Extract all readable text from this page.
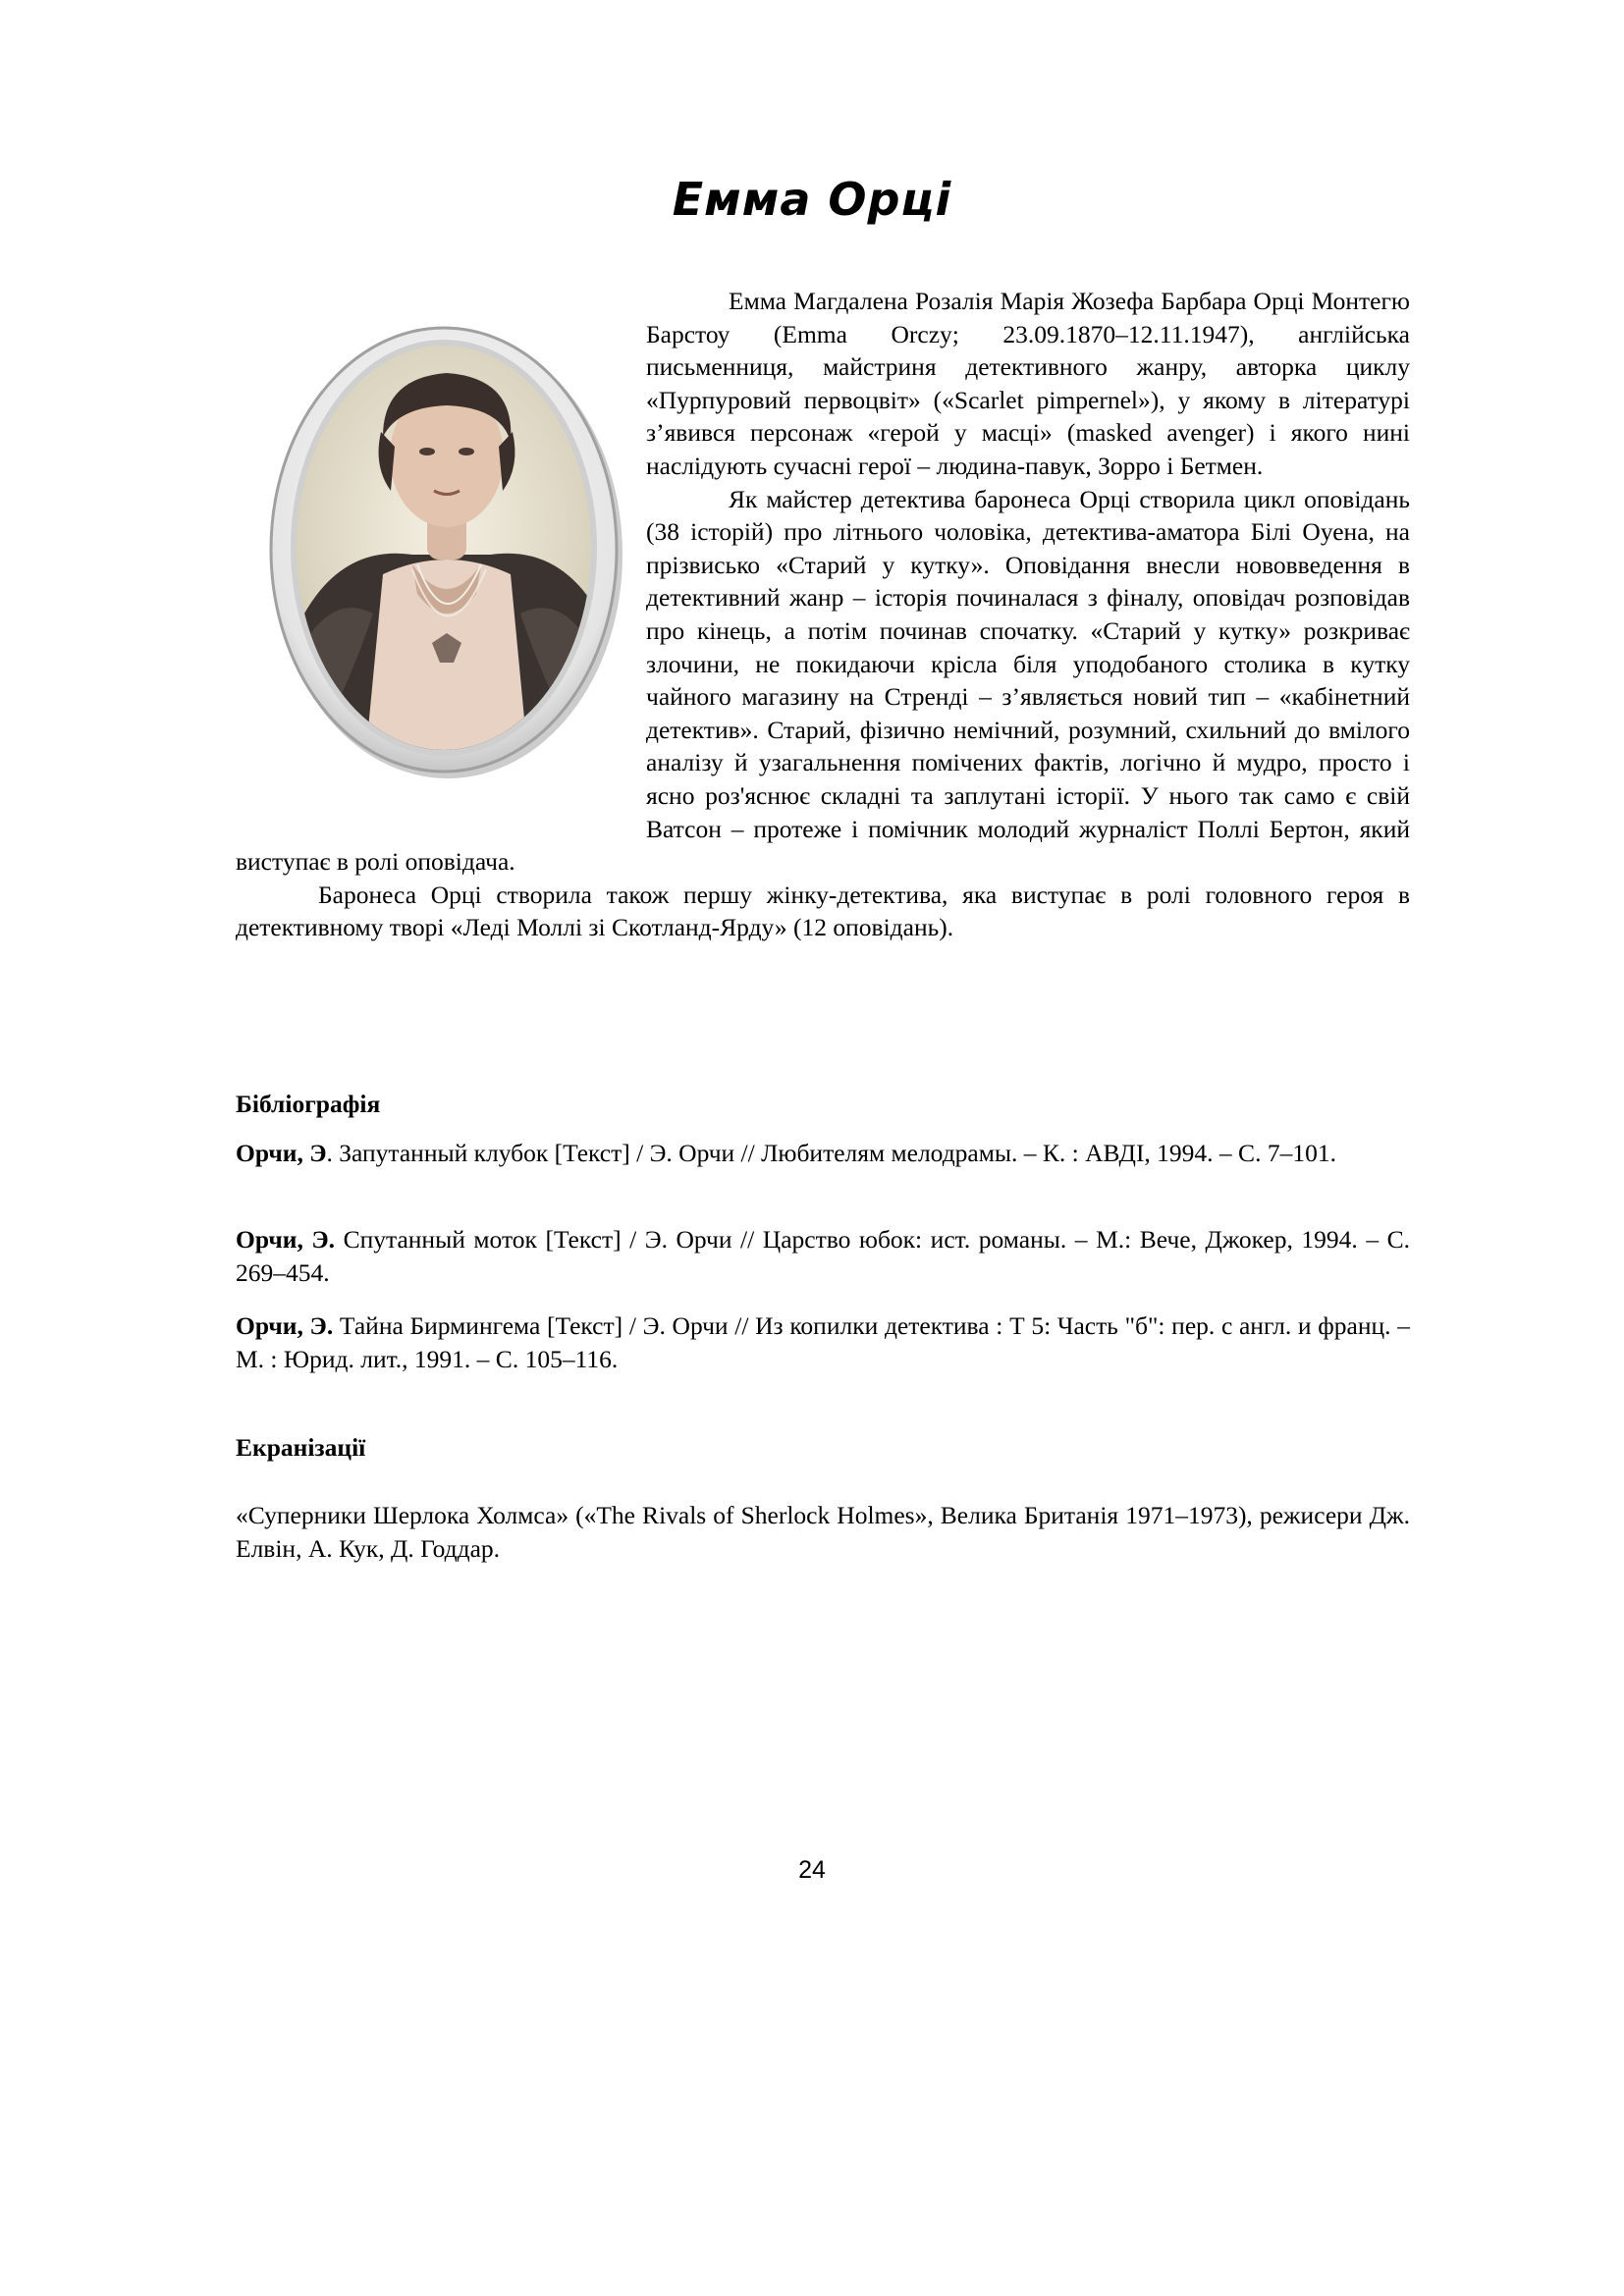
Емма Орці

Емма Магдалена Розалія Марія Жозефа Барбара Орці Монтегю Барстоу (Emma Orczy; 23.09.1870–12.11.1947), англійська письменниця, майстриня детективного жанру, авторка циклу «Пурпуровий первоцвіт» («Scarlet pimpernel»), у якому в літературі з’явився персонаж «герой у масці» (masked avenger) і якого нині наслідують сучасні герої – людина-павук, Зорро і Бетмен.

Як майстер детектива баронеса Орці створила цикл оповідань (38 історій) про літнього чоловіка, детектива-аматора Білі Оуена, на прізвисько «Старий у кутку». Оповідання внесли нововведення в детективний жанр – історія починалася з фіналу, оповідач розповідав про кінець, а потім починав спочатку. «Старий у кутку» розкриває злочини, не покидаючи крісла біля уподобаного столика в кутку чайного магазину на Стренді – з’являється новий тип – «кабінетний детектив». Старий, фізично немічний, розумний, схильний до вмілого аналізу й узагальнення помічених фактів, логічно й мудро, просто і ясно роз'яснює складні та заплутані історії. У нього так само є свій Ватсон – протеже і помічник молодий журналіст Поллі Бертон, який виступає в ролі оповідача.

Баронеса Орці створила також першу жінку-детектива, яка виступає в ролі головного героя в детективному творі «Леді Моллі зі Скотланд-Ярду» (12 оповідань).

Бібліографія

Орчи, Э. Запутанный клубок [Текст] / Э. Орчи // Любителям мелодрамы. – К. : АВДІ, 1994. – С. 7–101.

Орчи, Э. Спутанный моток [Текст] / Э. Орчи // Царство юбок: ист. романы. – М.: Вече, Джокер, 1994. – С. 269–454.

Орчи, Э. Тайна Бирмингема [Текст] / Э. Орчи // Из копилки детектива : Т 5: Часть "б": пер. с англ. и франц. – М. : Юрид. лит., 1991. – С. 105–116.

Екранізації

«Суперники Шерлока Холмса» («The Rivals of Sherlock Holmes», Велика Британія 1971–1973), режисери Дж. Елвін, А. Кук, Д. Годдар.

24
